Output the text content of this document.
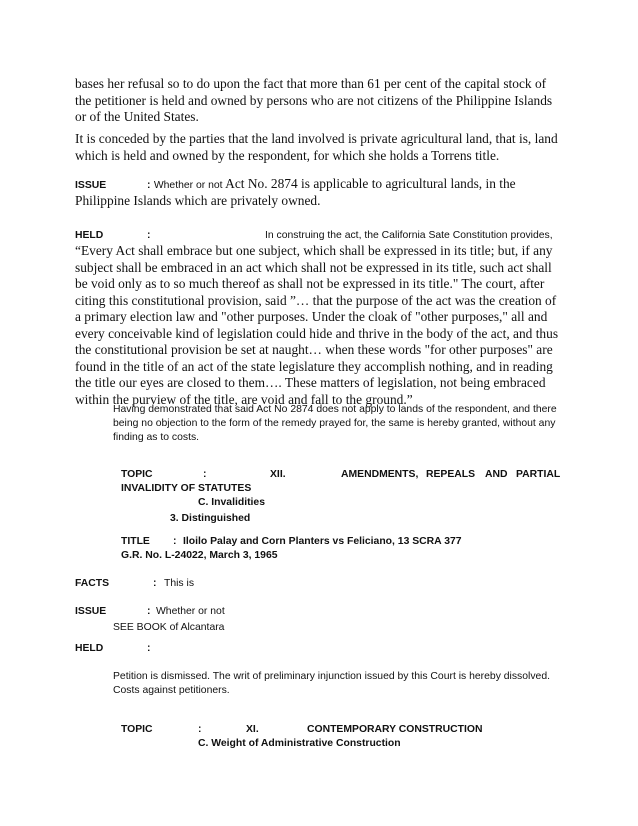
bases her refusal so to do upon the fact that more than 61 per cent of the capital stock of the petitioner is held and owned by persons who are not citizens of the Philippine Islands or of the United States.
It is conceded by the parties that the land involved is private agricultural land, that is, land which is held and owned by the respondent, for which she holds a Torrens title.
ISSUE	: Whether or not Act No. 2874 is applicable to agricultural lands, in the Philippine Islands which are privately owned.
HELD	:	In construing the act, the California Sate Constitution provides,
“Every Act shall embrace but one subject, which shall be expressed in its title; but, if any subject shall be embraced in an act which shall not be expressed in its title, such act shall be void only as to so much thereof as shall not be expressed in its title." The court, after citing this constitutional provision, said ”… that the purpose of the act was the creation of a primary election law and "other purposes. Under the cloak of "other purposes," all and every conceivable kind of legislation could hide and thrive in the body of the act, and thus the constitutional provision be set at naught… when these words "for other purposes" are found in the title of an act of the state legislature they accomplish nothing, and in reading the title our eyes are closed to them…. These matters of legislation, not being embraced within the purview of the title, are void and fall to the ground.”
Having demonstrated that said Act No 2874 does not apply to lands of the respondent, and there being no objection to the form of the remedy prayed for, the same is hereby granted, without any finding as to costs.
TOPIC	:	XII.	AMENDMENTS, REPEALS AND PARTIAL
INVALIDITY OF STATUTES
C. Invalidities
3. Distinguished
TITLE : Iloilo Palay and Corn Planters vs Feliciano, 13 SCRA 377
G.R. No. L-24022, March 3, 1965
FACTS	: This is
ISSUE	: Whether or not
SEE BOOK of Alcantara
HELD	:
Petition is dismissed. The writ of preliminary injunction issued by this Court is hereby dissolved. Costs against petitioners.
TOPIC	:	XI.	CONTEMPORARY CONSTRUCTION
C. Weight of Administrative Construction
